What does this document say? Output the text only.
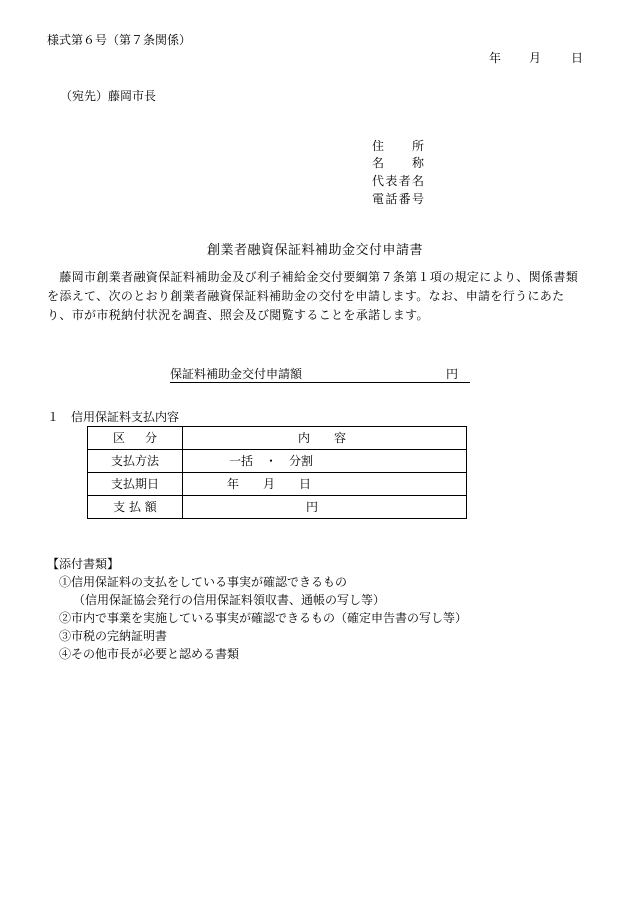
様式第６号（第７条関係）
年 月 日
（宛先）藤岡市長
住　所
名　称
代表者名
電話番号
創業者融資保証料補助金交付申請書
　藤岡市創業者融資保証料補助金及び利子補給金交付要綱第７条第１項の規定により、関係書類を添えて、次のとおり創業者融資保証料補助金の交付を申請します。なお、申請を行うにあたり、市が市税納付状況を調査、照会及び閲覧することを承諾します。
保証料補助金交付申請額	円
１　信用保証料支払内容
区　分	内　容
支払方法	一括　・　分割
支払期日	年　　月　　日
支 払 額	円
【添付書類】
①信用保証料の支払をしている事実が確認できるもの
（信用保証協会発行の信用保証料領収書、通帳の写し等）
②市内で事業を実施している事実が確認できるもの（確定申告書の写し等）
③市税の完納証明書
④その他市長が必要と認める書類
